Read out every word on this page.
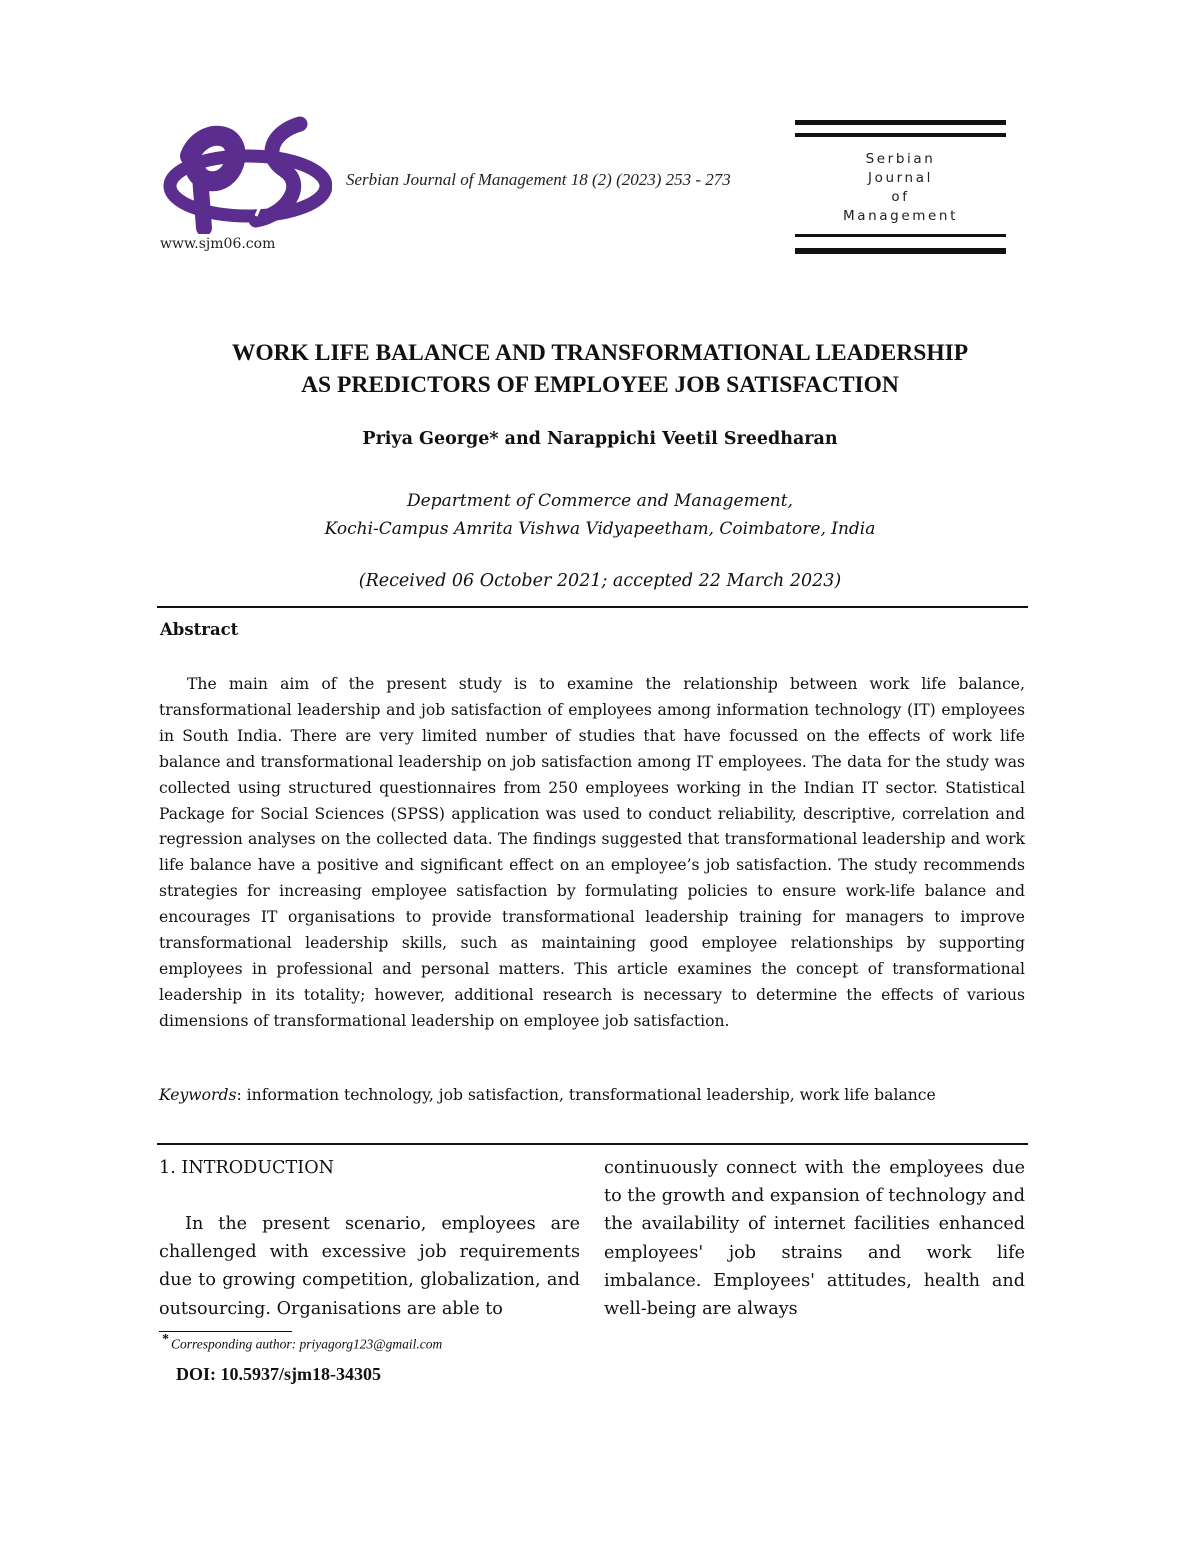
www.sjm06.com
Serbian Journal of Management 18 (2) (2023) 253 - 273
Serbian
Journal
of
Management
WORK LIFE BALANCE AND TRANSFORMATIONAL LEADERSHIP
AS PREDICTORS OF EMPLOYEE JOB SATISFACTION
Priya George* and Narappichi Veetil Sreedharan
Department of Commerce and Management,
Kochi-Campus Amrita Vishwa Vidyapeetham, Coimbatore, India
(Received 06 October 2021; accepted 22 March 2023)
Abstract

The main aim of the present study is to examine the relationship between work life balance, transformational leadership and job satisfaction of employees among information technology (IT) employees in South India. There are very limited number of studies that have focussed on the effects of work life balance and transformational leadership on job satisfaction among IT employees. The data for the study was collected using structured questionnaires from 250 employees working in the Indian IT sector. Statistical Package for Social Sciences (SPSS) application was used to conduct reliability, descriptive, correlation and regression analyses on the collected data. The findings suggested that transformational leadership and work life balance have a positive and significant effect on an employee’s job satisfaction. The study recommends strategies for increasing employee satisfaction by formulating policies to ensure work-life balance and encourages IT organisations to provide transformational leadership training for managers to improve transformational leadership skills, such as maintaining good employee relationships by supporting employees in professional and personal matters. This article examines the concept of transformational leadership in its totality; however, additional research is necessary to determine the effects of various dimensions of transformational leadership on employee job satisfaction.

Keywords: information technology, job satisfaction, transformational leadership, work life balance
1. INTRODUCTION

In the present scenario, employees are challenged with excessive job requirements due to growing competition, globalization, and outsourcing. Organisations are able to

continuously connect with the employees due to the growth and expansion of technology and the availability of internet facilities enhanced employees' job strains and work life imbalance. Employees' attitudes, health and well-being are always

* Corresponding author: priyagorg123@gmail.com
DOI: 10.5937/sjm18-34305
